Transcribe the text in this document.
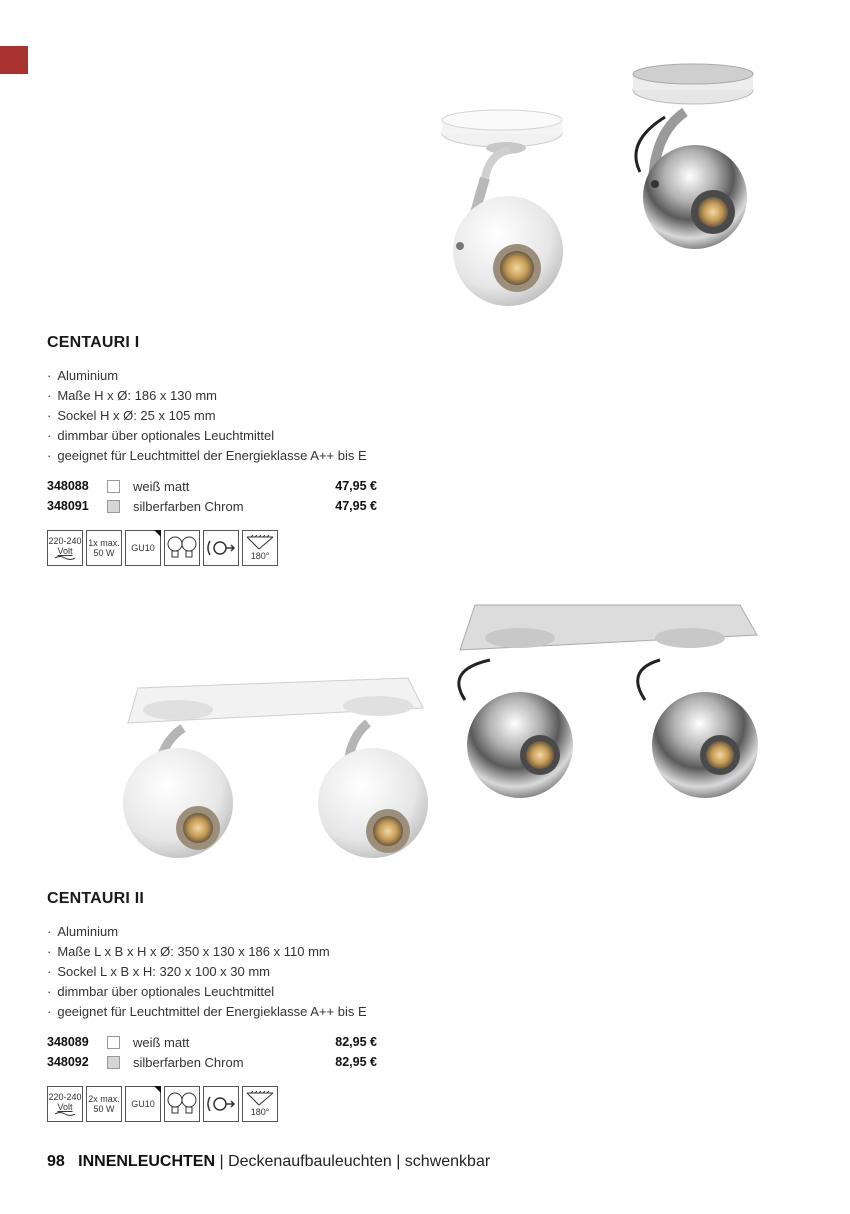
CENTAURI I
· Aluminium
· Maße H x Ø: 186 x 130 mm
· Sockel H x Ø: 25 x 105 mm
· dimmbar über optionales Leuchtmittel
· geeignet für Leuchtmittel der Energieklasse A++ bis E
348088	weiß matt	47,95 €
348091	silberfarben Chrom	47,95 €
220-240
Volt
1x max.
50 W GU10
180°
CENTAURI II
· Aluminium
· Maße L x B x H x Ø: 350 x 130 x 186 x 110 mm
· Sockel L x B x H: 320 x 100 x 30 mm
· dimmbar über optionales Leuchtmittel
· geeignet für Leuchtmittel der Energieklasse A++ bis E
348089	weiß matt	82,95 €
348092	silberfarben Chrom	82,95 €
220-240
Volt
2x max.
50 W GU10
180°
98 INNENLEUCHTEN | Deckenaufbauleuchten | schwenkbar
